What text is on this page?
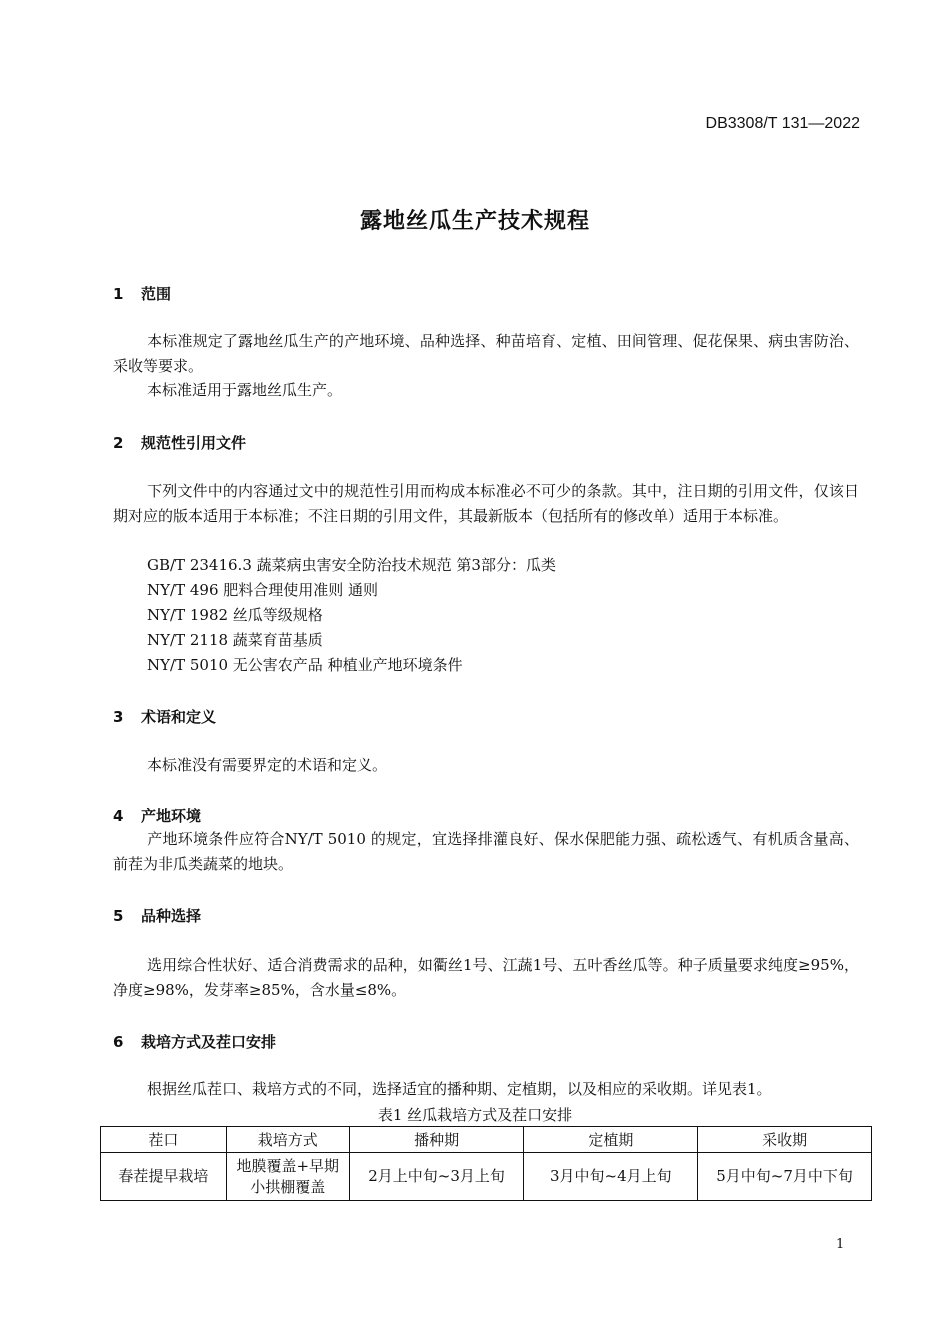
DB3308/T 131—2022
露地丝瓜生产技术规程
1 范围
本标准规定了露地丝瓜生产的产地环境、品种选择、种苗培育、定植、田间管理、促花保果、病虫害防治、采收等要求。
本标准适用于露地丝瓜生产。
2 规范性引用文件
下列文件中的内容通过文中的规范性引用而构成本标准必不可少的条款。其中，注日期的引用文件，仅该日期对应的版本适用于本标准；不注日期的引用文件，其最新版本（包括所有的修改单）适用于本标准。
GB/T 23416.3 蔬菜病虫害安全防治技术规范 第3部分：瓜类
NY/T 496 肥料合理使用准则 通则
NY/T 1982 丝瓜等级规格
NY/T 2118 蔬菜育苗基质
NY/T 5010 无公害农产品 种植业产地环境条件
3 术语和定义
本标准没有需要界定的术语和定义。
4 产地环境
产地环境条件应符合NY/T 5010 的规定，宜选择排灌良好、保水保肥能力强、疏松透气、有机质含量高、前茬为非瓜类蔬菜的地块。
5 品种选择
选用综合性状好、适合消费需求的品种，如衢丝1号、江蔬1号、五叶香丝瓜等。种子质量要求纯度≥95%，净度≥98%，发芽率≥85%，含水量≤8%。
6 栽培方式及茬口安排
根据丝瓜茬口、栽培方式的不同，选择适宜的播种期、定植期，以及相应的采收期。详见表1。
表1 丝瓜栽培方式及茬口安排
茬口	栽培方式	播种期	定植期	采收期
春茬提早栽培	地膜覆盖+早期小拱棚覆盖	2月上中旬~3月上旬	3月中旬~4月上旬	5月中旬~7月中下旬
1
